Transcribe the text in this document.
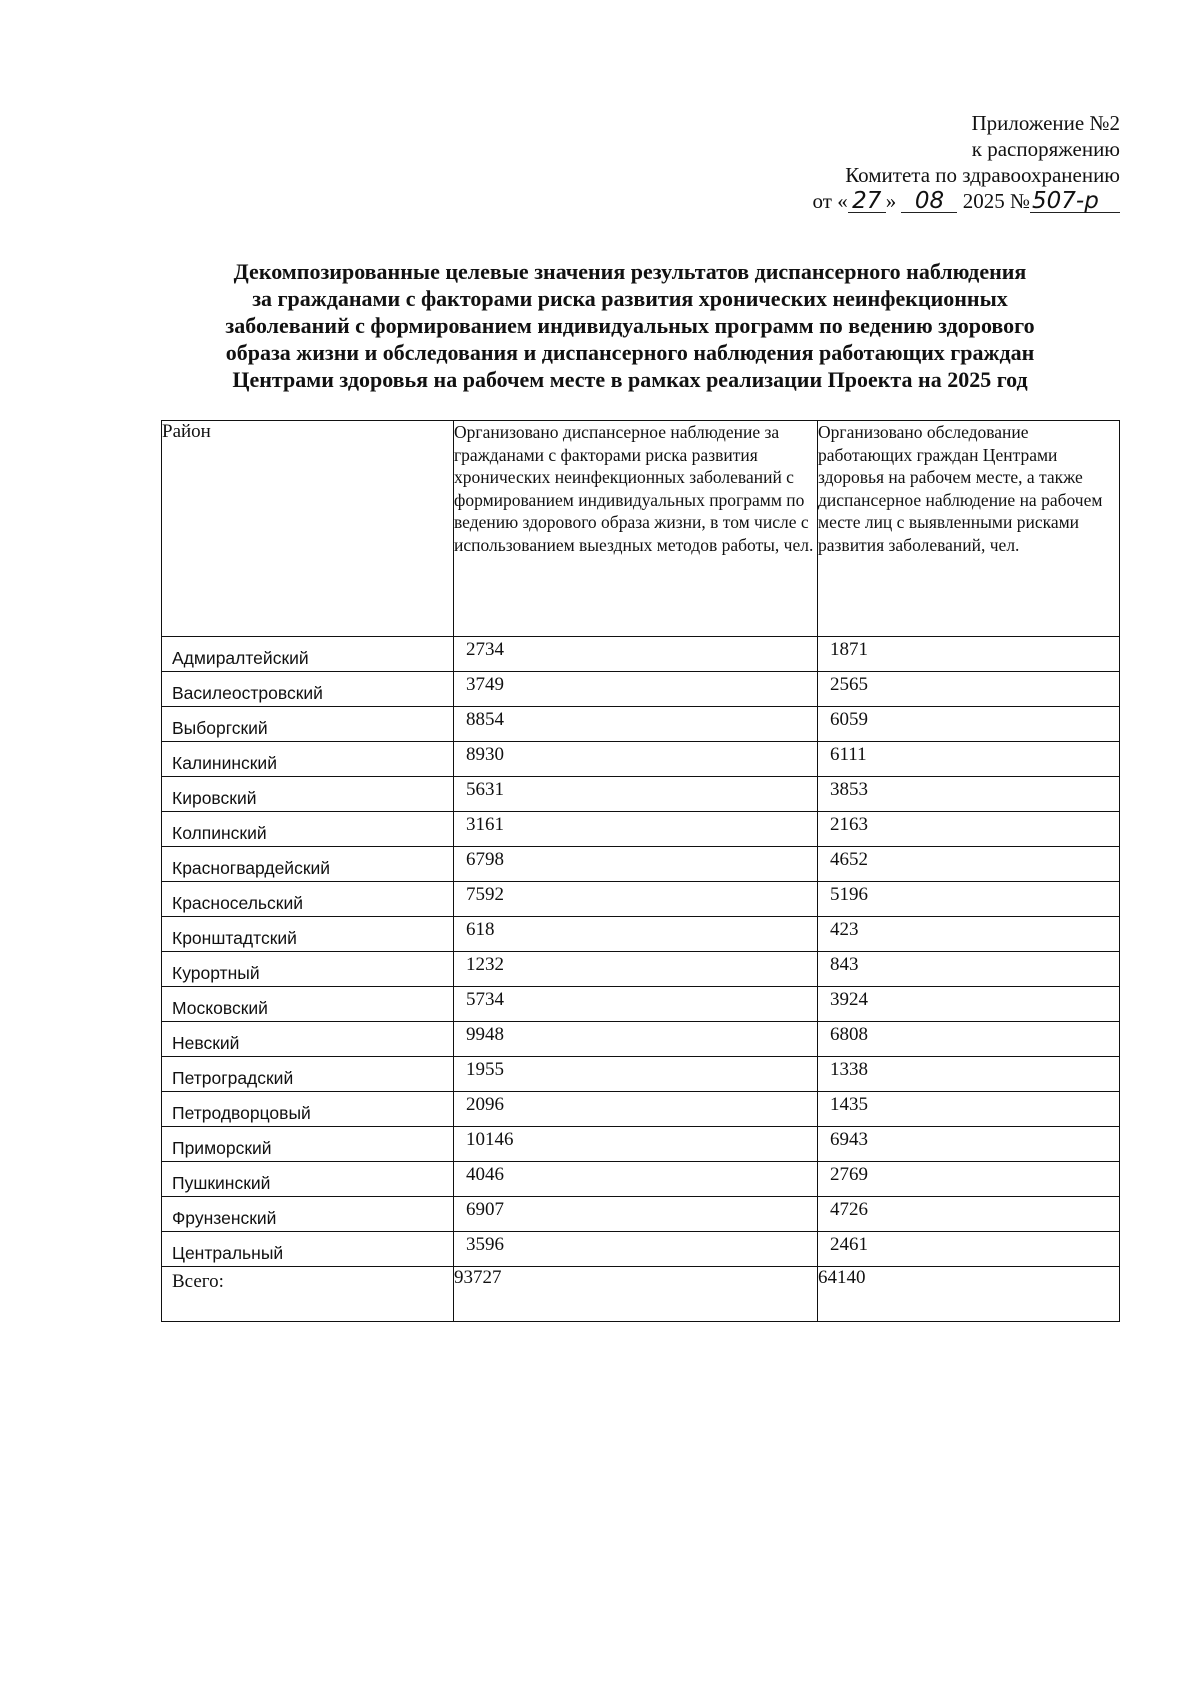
Приложение №2
к распоряжению
Комитета по здравоохранению
от « 27 » 08 2025 №507-р
Декомпозированные целевые значения результатов диспансерного наблюдения
за гражданами с факторами риска развития хронических неинфекционных
заболеваний с формированием индивидуальных программ по ведению здорового
образа жизни и обследования и диспансерного наблюдения работающих граждан
Центрами здоровья на рабочем месте в рамках реализации Проекта на 2025 год
Район	Организовано диспансерное наблюдение за гражданами с факторами риска развития хронических неинфекционных заболеваний с формированием индивидуальных программ по ведению здорового образа жизни, в том числе с использованием выездных методов работы, чел.	Организовано обследование работающих граждан Центрами здоровья на рабочем месте, а также диспансерное наблюдение на рабочем месте лиц с выявленными рисками развития заболеваний, чел.
Адмиралтейский	2734	1871
Василеостровский	3749	2565
Выборгский	8854	6059
Калининский	8930	6111
Кировский	5631	3853
Колпинский	3161	2163
Красногвардейский	6798	4652
Красносельский	7592	5196
Кронштадтский	618	423
Курортный	1232	843
Московский	5734	3924
Невский	9948	6808
Петроградский	1955	1338
Петродворцовый	2096	1435
Приморский	10146	6943
Пушкинский	4046	2769
Фрунзенский	6907	4726
Центральный	3596	2461
Всего:	93727	64140
